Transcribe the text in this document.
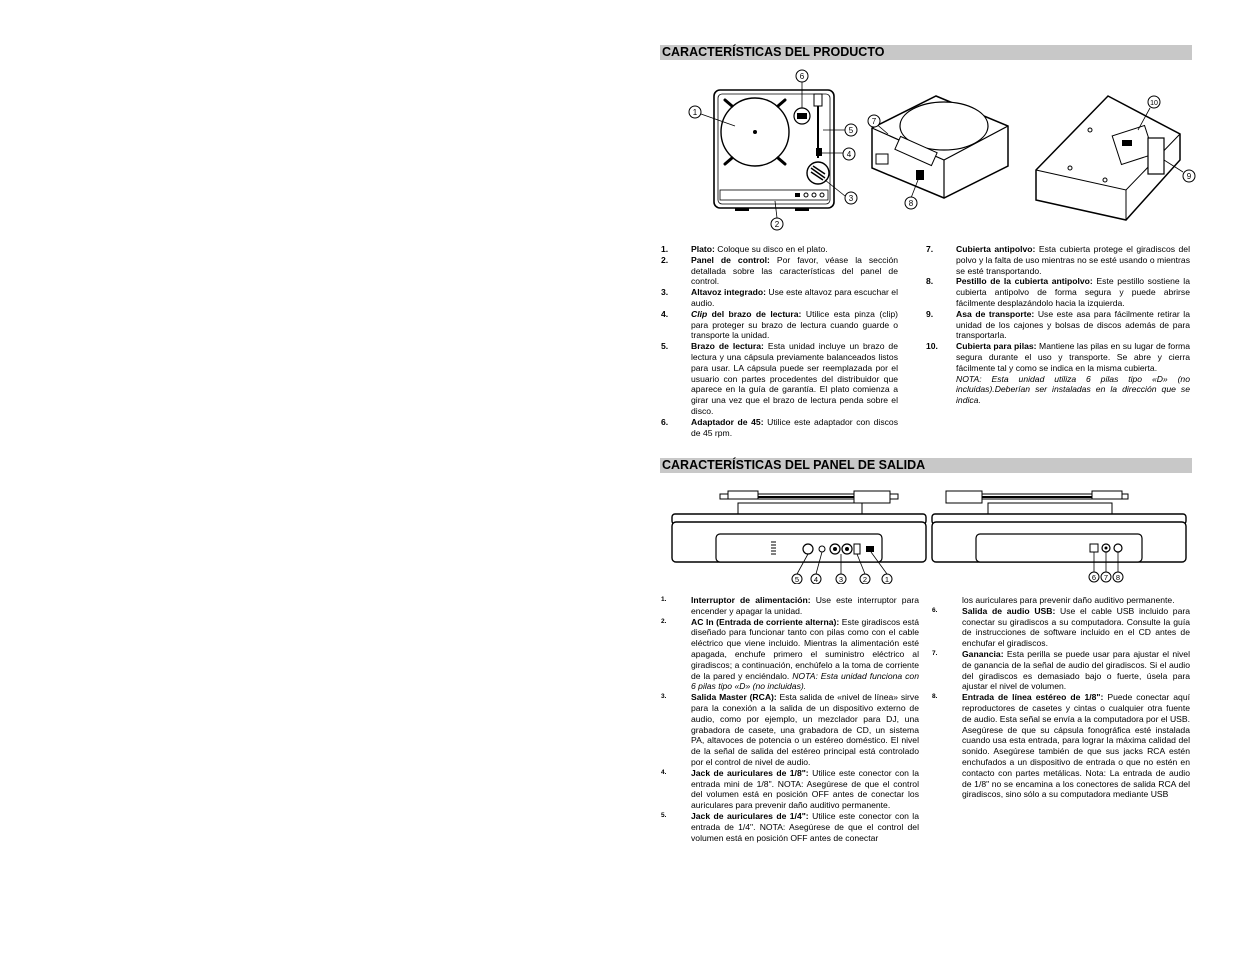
CARACTERÍSTICAS DEL PRODUCTO
1
2
3
4
5
6
7
8
10
9
1.	Plato: Coloque su disco en el plato.
2.	Panel de control: Por favor, véase la sección detallada sobre las características del panel de control.
3.	Altavoz integrado: Use este altavoz para escuchar el audio.
4.	Clip del brazo de lectura: Utilice esta pinza (clip) para proteger su brazo de lectura cuando guarde o transporte la unidad.
5.	Brazo de lectura: Esta unidad incluye un brazo de lectura y una cápsula previamente balanceados listos para usar. LA cápsula puede ser reemplazada por el usuario con partes procedentes del distribuidor que aparece en la guía de garantía. El plato comienza a girar una vez que el brazo de lectura penda sobre el disco.
6.	Adaptador de 45: Utilice este adaptador con discos de 45 rpm.
7.	Cubierta antipolvo: Esta cubierta protege el giradiscos del polvo y la falta de uso mientras no se esté usando o mientras se esté transportando.
8.	Pestillo de la cubierta antipolvo: Este pestillo sostiene la cubierta antipolvo de forma segura y puede abrirse fácilmente desplazándolo hacia la izquierda.
9.	Asa de transporte: Use este asa para fácilmente retirar la unidad de los cajones y bolsas de discos además de para transportarla.
10. Cubierta para pilas: Mantiene las pilas en su lugar de forma segura durante el uso y transporte. Se abre y cierra fácilmente tal y como se indica en la misma cubierta.
NOTA: Esta unidad utiliza 6 pilas tipo «D» (no incluidas).Deberían ser instaladas en la dirección que se indica.
CARACTERÍSTICAS DEL PANEL DE SALIDA
5 4	3	2 1	6 7 8
1.	Interruptor de alimentación: Use este interruptor para encender y apagar la unidad.
2.	AC In (Entrada de corriente alterna): Este giradiscos está diseñado para funcionar tanto con pilas como con el cable eléctrico que viene incluido. Mientras la alimentación esté apagada, enchufe primero el suministro eléctrico al giradiscos; a continuación, enchúfelo a la toma de corriente de la pared y enciéndalo. NOTA: Esta unidad funciona con 6 pilas tipo «D» (no incluidas).
3.	Salida Master (RCA): Esta salida de «nivel de línea» sirve para la conexión a la salida de un dispositivo externo de audio, como por ejemplo, un mezclador para DJ, una grabadora de casete, una grabadora de CD, un sistema PA, altavoces de potencia o un estéreo doméstico. El nivel de la señal de salida del estéreo principal está controlado por el control de nivel de audio.
4.	Jack de auriculares de 1/8": Utilice este conector con la entrada mini de 1/8". NOTA: Asegúrese de que el control del volumen está en posición OFF antes de conectar los auriculares para prevenir daño auditivo permanente.
5.	Jack de auriculares de 1/4": Utilice este conector con la entrada de 1/4". NOTA: Asegúrese de que el control del volumen está en posición OFF antes de conectar
los auriculares para prevenir daño auditivo permanente.
6.	Salida de audio USB: Use el cable USB incluido para conectar su giradiscos a su computadora. Consulte la guía de instrucciones de software incluido en el CD antes de enchufar el giradiscos.
7.	Ganancia: Esta perilla se puede usar para ajustar el nivel de ganancia de la señal de audio del giradiscos. Si el audio del giradiscos es demasiado bajo o fuerte, úsela para ajustar el nivel de volumen.
8.	Entrada de línea estéreo de 1/8": Puede conectar aquí reproductores de casetes y cintas o cualquier otra fuente de audio. Esta señal se envía a la computadora por el USB. Asegúrese de que su cápsula fonográfica esté instalada cuando usa esta entrada, para lograr la máxima calidad del sonido. Asegúrese también de que sus jacks RCA estén enchufados a un dispositivo de entrada o que no estén en contacto con partes metálicas. Nota: La entrada de audio de 1/8" no se encamina a los conectores de salida RCA del giradiscos, sino sólo a su computadora mediante USB
